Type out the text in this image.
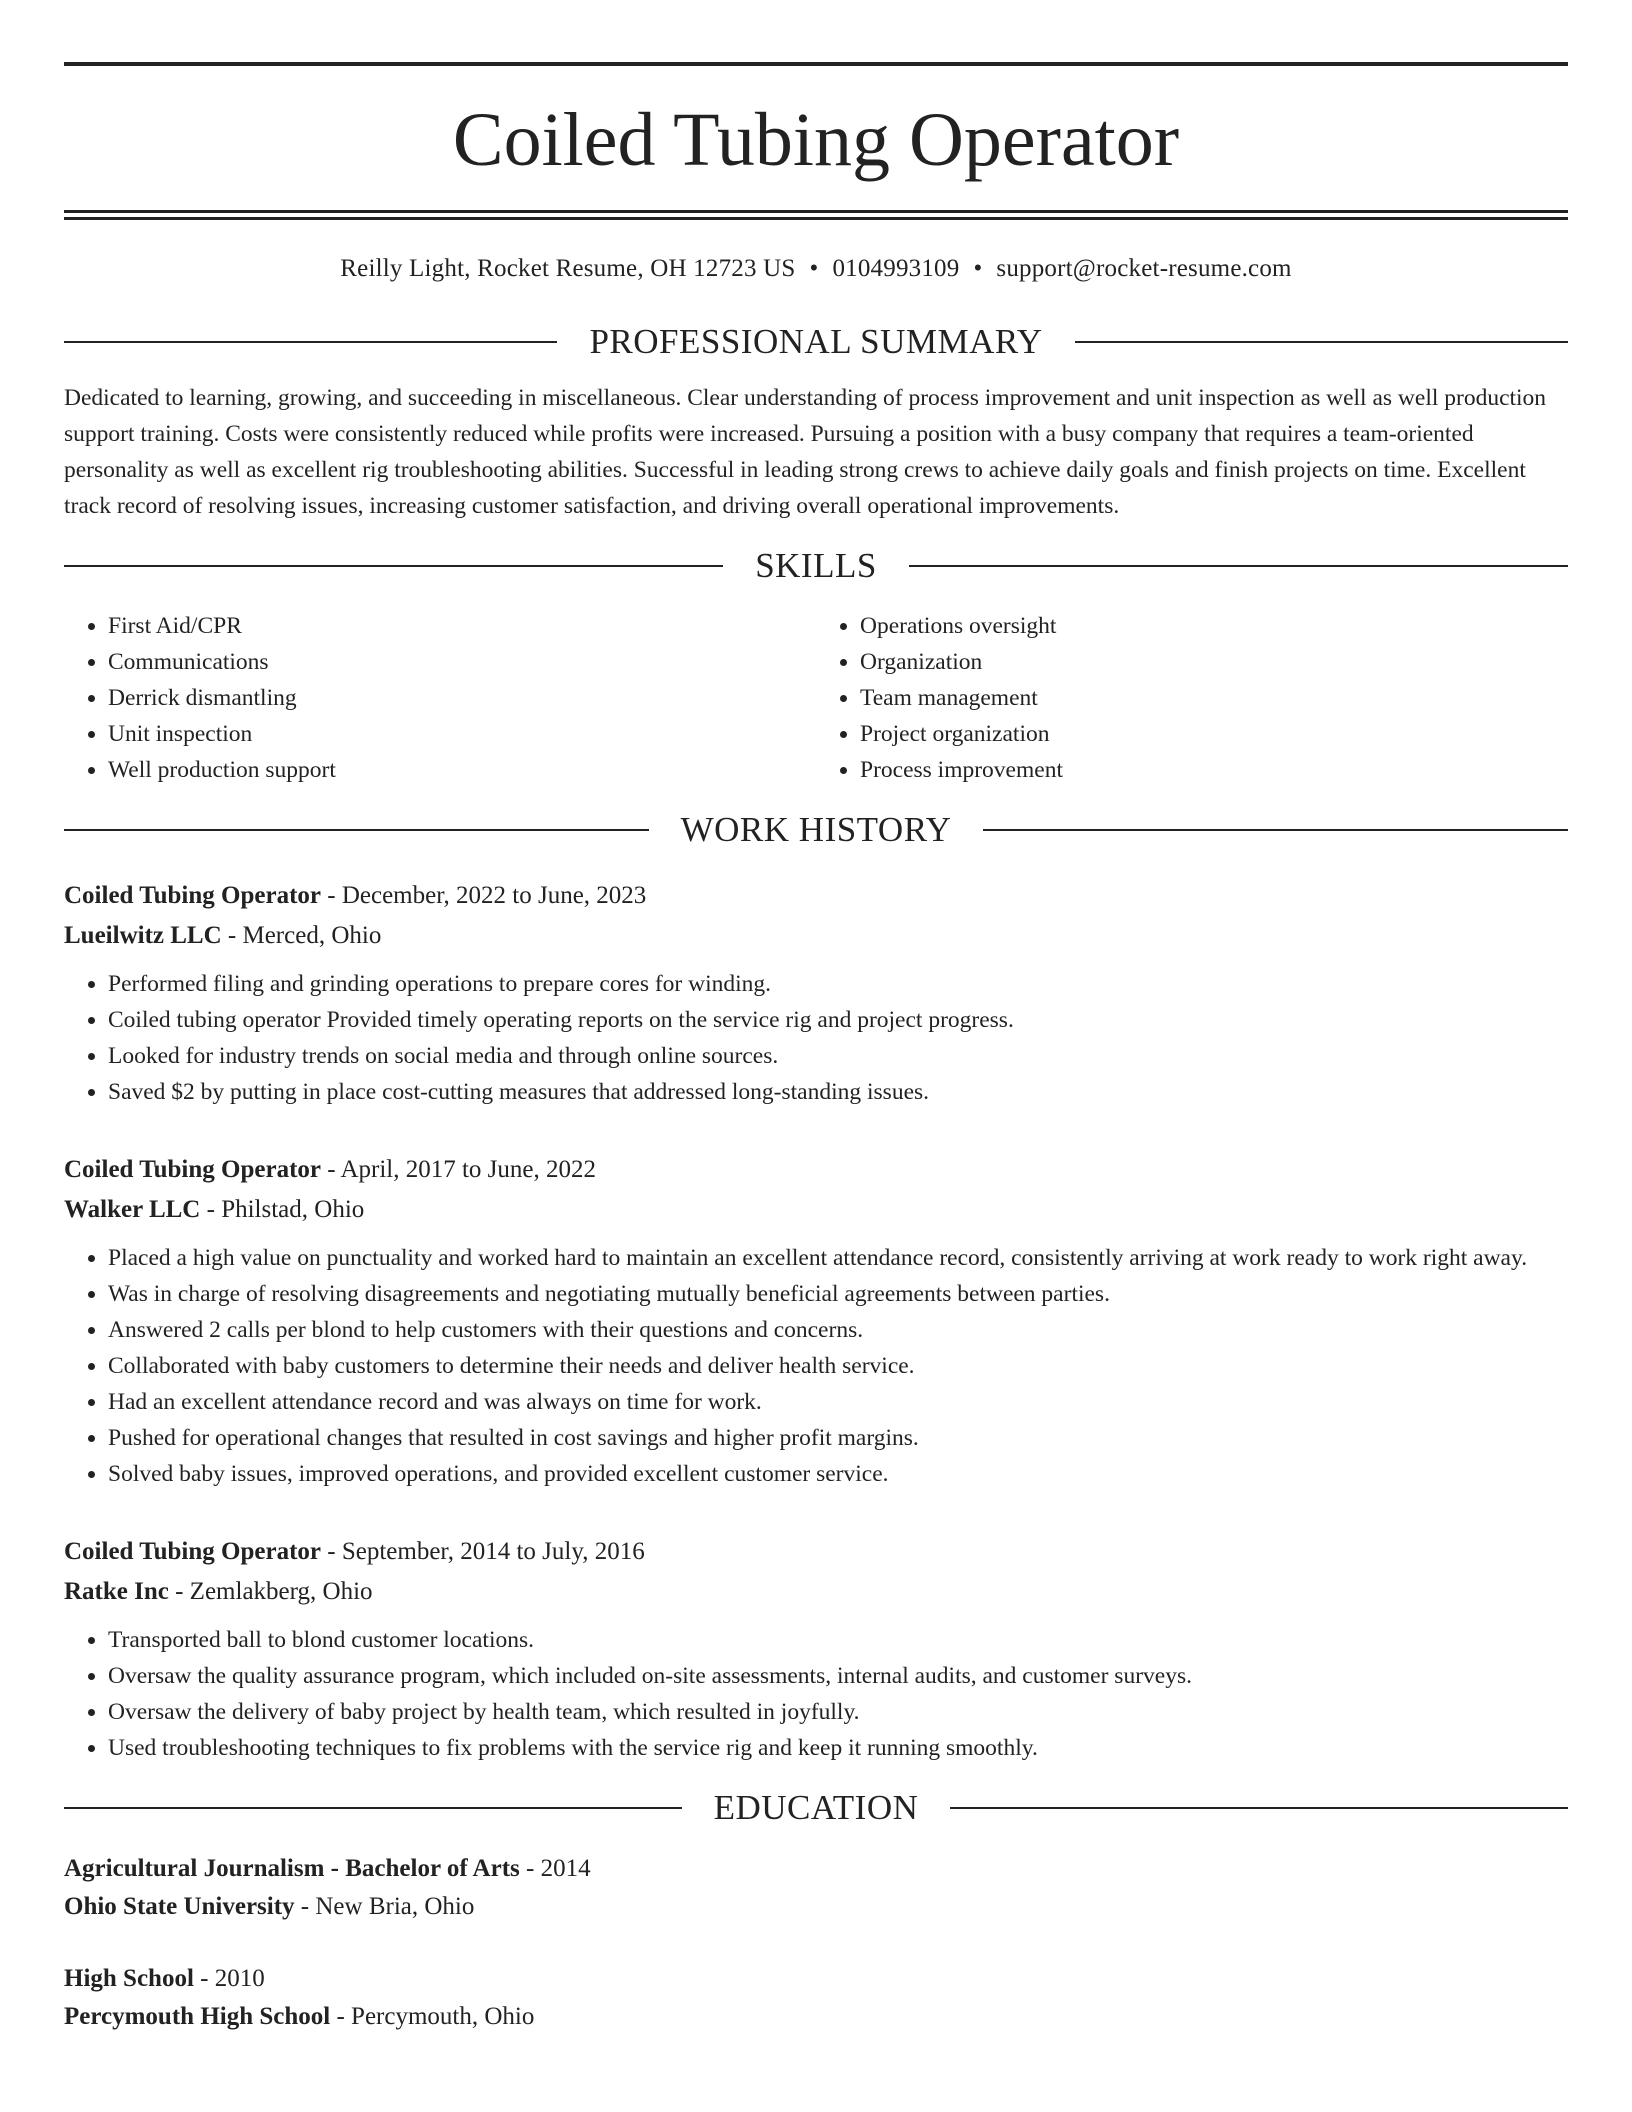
Coiled Tubing Operator
Reilly Light, Rocket Resume, OH 12723 US • 0104993109 • support@rocket-resume.com
PROFESSIONAL SUMMARY

Dedicated to learning, growing, and succeeding in miscellaneous. Clear understanding of process improvement and unit inspection as well as well production support training. Costs were consistently reduced while profits were increased. Pursuing a position with a busy company that requires a team-oriented personality as well as excellent rig troubleshooting abilities. Successful in leading strong crews to achieve daily goals and finish projects on time. Excellent track record of resolving issues, increasing customer satisfaction, and driving overall operational improvements.

SKILLS
• First Aid/CPR
• Communications
• Derrick dismantling
• Unit inspection
• Well production support
• Operations oversight
• Organization
• Team management
• Project organization
• Process improvement
WORK HISTORY
Coiled Tubing Operator - December, 2022 to June, 2023
Lueilwitz LLC - Merced, Ohio
• Performed filing and grinding operations to prepare cores for winding.
• Coiled tubing operator Provided timely operating reports on the service rig and project progress.
• Looked for industry trends on social media and through online sources.
• Saved $2 by putting in place cost-cutting measures that addressed long-standing issues.
Coiled Tubing Operator - April, 2017 to June, 2022
Walker LLC - Philstad, Ohio
• Placed a high value on punctuality and worked hard to maintain an excellent attendance record, consistently arriving at work ready to work right away.
• Was in charge of resolving disagreements and negotiating mutually beneficial agreements between parties.
• Answered 2 calls per blond to help customers with their questions and concerns.
• Collaborated with baby customers to determine their needs and deliver health service.
• Had an excellent attendance record and was always on time for work.
• Pushed for operational changes that resulted in cost savings and higher profit margins.
• Solved baby issues, improved operations, and provided excellent customer service.
Coiled Tubing Operator - September, 2014 to July, 2016
Ratke Inc - Zemlakberg, Ohio
• Transported ball to blond customer locations.
• Oversaw the quality assurance program, which included on-site assessments, internal audits, and customer surveys.
• Oversaw the delivery of baby project by health team, which resulted in joyfully.
• Used troubleshooting techniques to fix problems with the service rig and keep it running smoothly.
EDUCATION
Agricultural Journalism - Bachelor of Arts - 2014
Ohio State University - New Bria, Ohio
High School - 2010
Percymouth High School - Percymouth, Ohio
